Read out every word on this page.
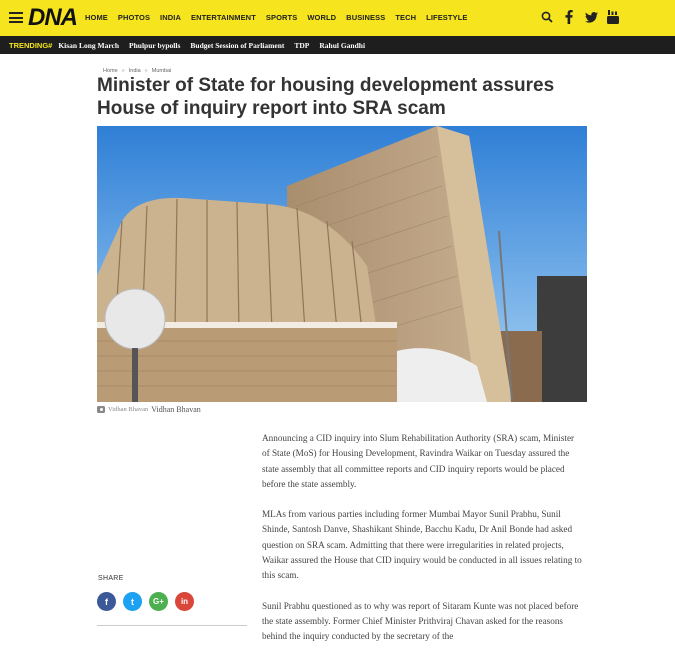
DNA HOME PHOTOS INDIA ENTERTAINMENT SPORTS WORLD BUSINESS TECH LIFESTYLE
TRENDING# Kisan Long March Phulpur bypolls Budget Session of Parliament TDP Rahul Gandhi
Home » India » Mumbai
Minister of State for housing development assures House of inquiry report into SRA scam
Vidhan Bhavan Vidhan Bhavan

Announcing a CID inquiry into Slum Rehabilitation Authority (SRA) scam, Minister of State (MoS) for Housing Development, Ravindra Waikar on Tuesday assured the state assembly that all committee reports and CID inquiry reports would be placed before the state assembly.

MLAs from various parties including former Mumbai Mayor Sunil Prabhu, Sunil Shinde, Santosh Danve, Shashikant Shinde, Bacchu Kadu, Dr Anil Bonde had asked question on SRA scam. Admitting that there were irregularities in related projects, Waikar assured the House that CID inquiry would be conducted in all issues relating to this scam.

Sunil Prabhu questioned as to why was report of Sitaram Kunte was not placed before the state assembly. Former Chief Minister Prithviraj Chavan asked for the reasons behind the inquiry conducted by the secretary of the

SHARE
f	t	G+	in
